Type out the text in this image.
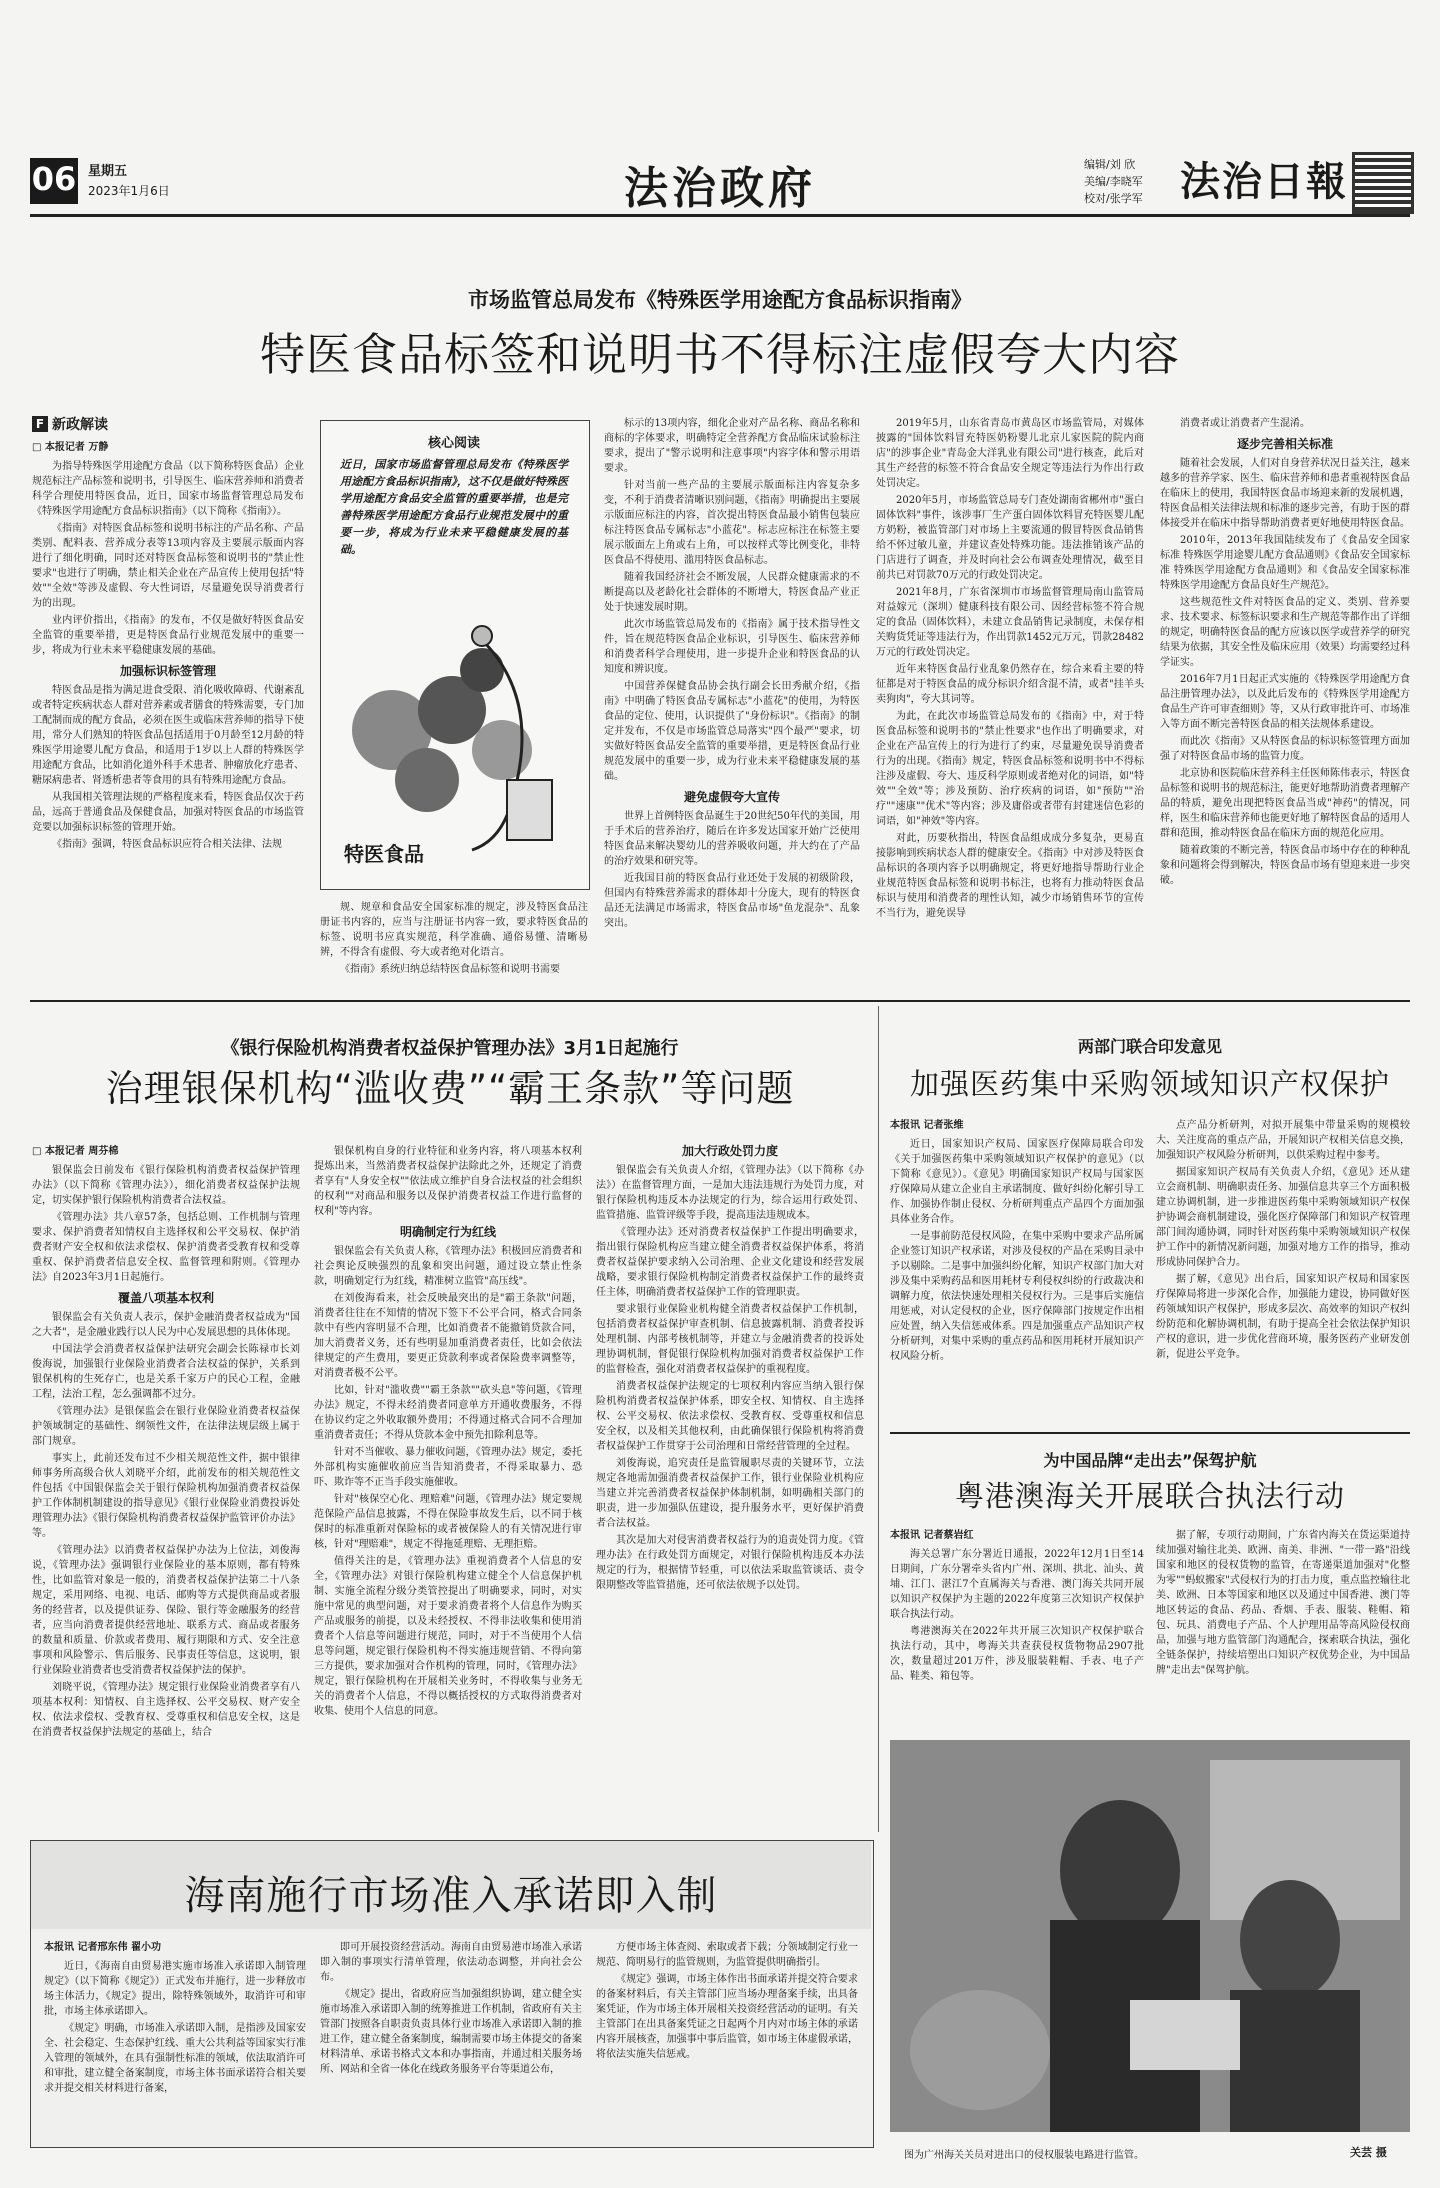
06 星期五
2023年1月6日	法治政府	编辑/刘 欣
美编/李晓军
校对/张学军 法治日報
市场监管总局发布《特殊医学用途配方食品标识指南》
特医食品标签和说明书不得标注虚假夸大内容
F 新政解读
□ 本报记者 万静

为指导特殊医学用途配方食品（以下简称特医食品）企业规范标注产品标签和说明书，引导医生、临床营养师和消费者科学合理使用特医食品，近日，国家市场监督管理总局发布《特殊医学用途配方食品标识指南》（以下简称《指南》）。

《指南》对特医食品标签和说明书标注的产品名称、产品类别、配料表、营养成分表等13项内容及主要展示版面内容进行了细化明确，同时还对特医食品标签和说明书的"禁止性要求"也进行了明确，禁止相关企业在产品宣传上使用包括"特效""全效"等涉及虚假、夸大性词语，尽量避免误导消费者行为的出现。

业内评价指出，《指南》的发布，不仅是做好特医食品安全监管的重要举措，更是特医食品行业规范发展中的重要一步，将成为行业未来平稳健康发展的基础。

加强标识标签管理

特医食品是指为满足进食受限、消化吸收障碍、代谢紊乱或者特定疾病状态人群对营养素或者膳食的特殊需要，专门加工配制而成的配方食品，必须在医生或临床营养师的指导下使用，常分人们熟知的特医食品包括适用于0月龄至12月龄的特殊医学用途婴儿配方食品，和适用于1岁以上人群的特殊医学用途配方食品，比如消化道外科手术患者、肿瘤放化疗患者、糖尿病患者、肾透析患者等食用的具有特殊用途配方食品。

从我国相关管理法规的严格程度来看，特医食品仅次于药品，远高于普通食品及保健食品，加强对特医食品的市场监管竞要以加强标识标签的管理开始。

《指南》强调，特医食品标识应符合相关法律、法规

核心阅读
近日，国家市场监督管理总局发布《特殊医学用途配方食品标识指南》，这不仅是做好特殊医学用途配方食品安全监管的重要举措，也是完善特殊医学用途配方食品行业规范发展中的重要一步，将成为行业未来平稳健康发展的基础。
特医食品

规、规章和食品安全国家标准的规定，涉及特医食品注册证书内容的，应当与注册证书内容一致，要求特医食品的标签、说明书应真实规范，科学准确、通俗易懂、清晰易辨，不得含有虚假、夸大或者绝对化语言。

《指南》系统归纳总结特医食品标签和说明书需要

标示的13项内容，细化企业对产品名称、商品名称和商标的字体要求，明确特定全营养配方食品临床试验标注要求，提出了"警示说明和注意事项"内容字体和警示用语要求。

针对当前一些产品的主要展示版面标注内容复杂多变，不利于消费者清晰识别问题，《指南》明确提出主要展示版面应标注的内容，首次提出特医食品最小销售包装应标注特医食品专属标志"小蓝花"。标志应标注在标签主要展示版面左上角或右上角，可以按样式等比例变化，非特医食品不得使用、滥用特医食品标志。

随着我国经济社会不断发展，人民群众健康需求的不断提高以及老龄化社会群体的不断增大，特医食品产业正处于快速发展时期。

此次市场监管总局发布的《指南》属于技术指导性文件，旨在规范特医食品企业标识，引导医生、临床营养师和消费者科学合理使用，进一步提升企业和特医食品的认知度和辨识度。

中国营养保健食品协会执行副会长田秀献介绍，《指南》中明确了特医食品专属标志"小蓝花"的使用，为特医食品的定位、使用，认识提供了"身份标识"。《指南》的制定并发布，不仅是市场监管总局落实"四个最严"要求，切实做好特医食品安全监管的重要举措，更是特医食品行业规范发展中的重要一步，成为行业未来平稳健康发展的基础。

避免虚假夸大宣传

世界上首例特医食品诞生于20世纪50年代的美国，用于手术后的营养治疗，随后在许多发达国家开始广泛使用特医食品来解决婴幼儿的营养吸收问题，并大约在了产品的治疗效果和研究等。

近我国目前的特医食品行业还处于发展的初级阶段，但国内有特殊营养需求的群体却十分庞大，现有的特医食品还无法满足市场需求，特医食品市场"鱼龙混杂"、乱象突出。

2019年5月，山东省青岛市黄岛区市场监管局，对媒体披露的"国体饮料冒充特医奶粉婴儿北京儿家医院的院内商店"的涉事企业"青岛金大洋乳业有限公司"进行核查，此后对其生产经营的标签不符合食品安全规定等违法行为作出行政处罚决定。

2020年5月，市场监管总局专门查处湖南省郴州市"蛋白固体饮料"事件，该涉事厂生产蛋白固体饮料冒充特医婴儿配方奶粉，被监管部门对市场上主要流通的假冒特医食品销售给不怀过敏儿童，并建议查处特殊功能。违法推销该产品的门店进行了调查，并及时向社会公布调查处理情况，截至目前共已对罚款70万元的行政处罚决定。

2021年8月，广东省深圳市市场监督管理局南山监管局对益嫁元（深圳）健康科技有限公司、因经营标签不符合规定的食品（固体饮料），未建立食品销售记录制度，未保存相关购货凭证等违法行为，作出罚款1452元万元，罚款28482万元的行政处罚决定。

近年来特医食品行业乱象仍然存在，综合来看主要的特征都是对于特医食品的成分标识介绍含混不清，或者"挂羊头卖狗肉"，夸大其词等。

为此，在此次市场监管总局发布的《指南》中，对于特医食品标签和说明书的"禁止性要求"也作出了明确要求，对企业在产品宣传上的行为进行了约束，尽量避免误导消费者行为的出现。《指南》规定，特医食品标签和说明书中不得标注涉及虚假、夸大、违反科学原则或者绝对化的词语，如"特效""全效"等；涉及预防、治疗疾病的词语，如"预防""治疗""速康""优术"等内容；涉及庸俗或者带有封建迷信色彩的词语，如"神效"等内容。

对此，历要秋指出，特医食品组成成分多复杂，更易直接影响到疾病状态人群的健康安全。《指南》中对涉及特医食品标识的各项内容予以明确规定，将更好地指导帮助行业企业规范特医食品标签和说明书标注，也将有力推动特医食品标识与使用和消费者的理性认知，减少市场销售环节的宣传不当行为，避免误导

消费者或让消费者产生混淆。

逐步完善相关标准

随着社会发展，人们对自身营养状况日益关注，越来越多的营养学家、医生、临床营养师和患者重视特医食品在临床上的使用，我国特医食品市场迎来新的发展机遇，特医食品相关法律法规和标准的逐步完善，有助于医的群体接受并在临床中指导帮助消费者更好地使用特医食品。

2010年，2013年我国陆续发布了《食品安全国家标准 特殊医学用途婴儿配方食品通则》《食品安全国家标准 特殊医学用途配方食品通则》和《食品安全国家标准 特殊医学用途配方食品良好生产规范》。

这些规范性文件对特医食品的定义、类别、营养要求、技术要求、标签标识要求和生产规范等都作出了详细的规定，明确特医食品的配方应该以医学或营养学的研究结果为依据，其安全性及临床应用（效果）均需要经过科学证实。

2016年7月1日起正式实施的《特殊医学用途配方食品注册管理办法》，以及此后发布的《特殊医学用途配方食品生产许可审查细则》等，又从行政审批许可、市场准入等方面不断完善特医食品的相关法规体系建设。

而此次《指南》又从特医食品的标识标签管理方面加强了对特医食品市场的监管力度。

北京协和医院临床营养科主任医师陈伟表示，特医食品标签和说明书的规范标注，能更好地帮助消费者理解产品的特质，避免出现把特医食品当成"神药"的情况，同样，医生和临床营养师也能更好地了解特医食品的适用人群和范围，推动特医食品在临床方面的规范化应用。

随着政策的不断完善，特医食品市场中存在的种种乱象和问题将会得到解决，特医食品市场有望迎来进一步突破。

《银行保险机构消费者权益保护管理办法》3月1日起施行
治理银保机构“滥收费”“霸王条款”等问题
□ 本报记者 周芬棉

银保监会日前发布《银行保险机构消费者权益保护管理办法》（以下简称《管理办法》），细化消费者权益保护法规定，切实保护银行保险机构消费者合法权益。

《管理办法》共八章57条，包括总则、工作机制与管理要求、保护消费者知情权自主选择权和公平交易权、保护消费者财产安全权和依法求偿权、保护消费者受教育权和受尊重权、保护消费者信息安全权、监督管理和附则。《管理办法》自2023年3月1日起施行。

覆盖八项基本权利

银保监会有关负责人表示，保护金融消费者权益成为"国之大者"，是金融业践行以人民为中心发展思想的具体体现。

中国法学会消费者权益保护法研究会副会长陈禄市长刘俊海说，加强银行业保险业消费者合法权益的保护，关系到银保机构的生死存亡，也是关系千家万户的民心工程，金融工程，法治工程，怎么强调都不过分。

《管理办法》是银保监会在银行业保险业消费者权益保护领域制定的基础性、纲领性文件，在法律法规层级上属于部门规章。

事实上，此前还发布过不少相关规范性文件，据中银律师事务所高级合伙人刘晓平介绍，此前发布的相关规范性文件包括《中国银保监会关于银行保险机构加强消费者权益保护工作体制机制建设的指导意见》《银行业保险业消费投诉处理管理办法》《银行保险机构消费者权益保护监管评价办法》等。

《管理办法》以消费者权益保护办法为上位法，刘俊海说，《管理办法》强调银行业保险业的基本原则，都有特殊性，比如监管对象是一般的，消费者权益保护法第二十八条规定，采用网络、电视、电话、邮购等方式提供商品或者服务的经营者，以及提供证券、保险、银行等金融服务的经营者，应当向消费者提供经营地址、联系方式、商品或者服务的数量和质量、价款或者费用、履行期限和方式、安全注意事项和风险警示、售后服务、民事责任等信息，这说明，银行业保险业消费者也受消费者权益保护法的保护。

刘晓平说，《管理办法》规定银行业保险业消费者享有八项基本权利：知情权、自主选择权、公平交易权、财产安全权、依法求偿权、受教育权、受尊重权和信息安全权，这是在消费者权益保护法规定的基础上，结合

银保机构自身的行业特征和业务内容，将八项基本权利提炼出来，当然消费者权益保护法除此之外，还规定了消费者享有"人身安全权""依法成立维护自身合法权益的社会组织的权利""对商品和服务以及保护消费者权益工作进行监督的权利"等内容。

明确制定行为红线

银保监会有关负责人称，《管理办法》积极回应消费者和社会舆论反映强烈的乱象和突出问题，通过设立禁止性条款，明确划定行为红线，精准树立监管"高压线"。

在刘俊海看来，社会反映最突出的是"霸王条款"问题，消费者往往在不知情的情况下签下不公平合同，格式合同条款中有些内容明显不合理，比如消费者不能撤销贷款合同，加大消费者义务，还有些明显加重消费者责任，比如会依法律规定的产生费用，要更正贷款利率或者保险费率调整等，对消费者极不公平。

比如，针对"滥收费""霸王条款""砍头息"等问题，《管理办法》规定，不得未经消费者同意单方开通收费服务，不得在协议约定之外收取额外费用；不得通过格式合同不合理加重消费者责任；不得从贷款本金中预先扣除利息等。

针对不当催收、暴力催收问题，《管理办法》规定，委托外部机构实施催收前应当告知消费者，不得采取暴力、恐吓、欺诈等不正当手段实施催收。

针对"核保空心化、理赔难"问题，《管理办法》规定要规范保险产品信息披露，不得在保险事故发生后，以不同于核保时的标准重新对保险标的或者被保险人的有关情况进行审核，针对"理赔难"，规定不得拖延理赔、无理拒赔。

值得关注的是，《管理办法》重视消费者个人信息的安全，《管理办法》对银行保险机构建立健全个人信息保护机制、实施全流程分级分类管控提出了明确要求，同时，对实施中常见的典型问题，对于要求消费者将个人信息作为购买产品或服务的前提，以及未经授权、不得非法收集和使用消费者个人信息等问题进行规范，同时，对于不当使用个人信息等问题，规定银行保险机构不得实施违规营销、不得向第三方提供，要求加强对合作机构的管理，同时，《管理办法》规定，银行保险机构在开展相关业务时，不得收集与业务无关的消费者个人信息，不得以概括授权的方式取得消费者对收集、使用个人信息的同意。

加大行政处罚力度

银保监会有关负责人介绍，《管理办法》（以下简称《办法》）在监督管理方面，一是加大违法违规行为处罚力度，对银行保险机构违反本办法规定的行为，综合运用行政处罚、监管措施、监管评级等手段，提高违法违规成本。

《管理办法》还对消费者权益保护工作提出明确要求，指出银行保险机构应当建立健全消费者权益保护体系，将消费者权益保护要求纳入公司治理、企业文化建设和经营发展战略，要求银行保险机构制定消费者权益保护工作的最终责任主体，明确消费者权益保护工作的管理职责。

要求银行业保险业机构健全消费者权益保护工作机制，包括消费者权益保护审查机制、信息披露机制、消费者投诉处理机制、内部考核机制等，并建立与金融消费者的投诉处理协调机制，督促银行保险机构加强对消费者权益保护工作的监督检查，强化对消费者权益保护的重视程度。

消费者权益保护法规定的七项权利内容应当纳入银行保险机构消费者权益保护体系，即安全权、知情权、自主选择权、公平交易权、依法求偿权、受教育权、受尊重权和信息安全权，以及相关其他权利，由此确保银行保险机构将消费者权益保护工作贯穿于公司治理和日常经营管理的全过程。

刘俊海说，追究责任是监管履职尽责的关键环节，立法规定各地需加强消费者权益保护工作，银行业保险业机构应当建立并完善消费者权益保护体制机制，如明确相关部门的职责，进一步加强队伍建设，提升服务水平，更好保护消费者合法权益。

其次是加大对侵害消费者权益行为的追责处罚力度。《管理办法》在行政处罚方面规定，对银行保险机构违反本办法规定的行为，根据情节轻重，可以依法采取监管谈话、责令限期整改等监管措施，还可依法依规予以处罚。

两部门联合印发意见
加强医药集中采购领域知识产权保护
本报讯 记者张维

近日，国家知识产权局、国家医疗保障局联合印发《关于加强医药集中采购领域知识产权保护的意见》（以下简称《意见》）。《意见》明确国家知识产权局与国家医疗保障局从建立企业自主承诺制度、做好纠纷化解引导工作、加强协作制止侵权、分析研判重点产品四个方面加强具体业务合作。

一是事前防范侵权风险，在集中采购中要求产品所属企业签订知识产权承诺，对涉及侵权的产品在采购目录中予以剔除。二是事中加强纠纷化解，知识产权部门加大对涉及集中采购药品和医用耗材专利侵权纠纷的行政裁决和调解力度，依法快速处理相关侵权行为。三是事后实施信用惩戒，对认定侵权的企业，医疗保障部门按规定作出相应处置，纳入失信惩戒体系。四是加强重点产品知识产权分析研判，对集中采购的重点药品和医用耗材开展知识产权风险分析。

点产品分析研判，对拟开展集中带量采购的规模较大、关注度高的重点产品，开展知识产权相关信息交换，加强知识产权风险分析研判，以供采购过程中参考。

据国家知识产权局有关负责人介绍，《意见》还从建立会商机制、明确职责任务、加强信息共享三个方面积极建立协调机制，进一步推进医药集中采购领域知识产权保护协调会商机制建设，强化医疗保障部门和知识产权管理部门间沟通协调，同时针对医药集中采购领域知识产权保护工作中的新情况新问题，加强对地方工作的指导，推动形成协同保护合力。

据了解，《意见》出台后，国家知识产权局和国家医疗保障局将进一步深化合作，加强能力建设，协同做好医药领域知识产权保护，形成多层次、高效率的知识产权纠纷防范和化解协调机制，有助于提高全社会依法保护知识产权的意识，进一步优化营商环境，服务医药产业研发创新，促进公平竞争。

为中国品牌“走出去”保驾护航
粤港澳海关开展联合执法行动
本报讯 记者蔡岩红

海关总署广东分署近日通报，2022年12月1日至14日期间，广东分署牵头省内广州、深圳、拱北、汕头、黄埔、江门、湛江7个直属海关与香港、澳门海关共同开展以知识产权保护为主题的2022年度第三次知识产权保护联合执法行动。

粤港澳海关在2022年共开展三次知识产权保护联合执法行动，其中，粤海关共查获侵权货物物品2907批次，数量超过201万件，涉及服装鞋帽、手表、电子产品、鞋类、箱包等。

据了解，专项行动期间，广东省内海关在货运渠道持续加强对输往北美、欧洲、南美、非洲、"一带一路"沿线国家和地区的侵权货物的监管，在寄递渠道加强对"化整为零""蚂蚁搬家"式侵权行为的打击力度，重点监控输往北美、欧洲、日本等国家和地区以及通过中国香港、澳门等地区转运的食品、药品、香烟、手表、服装、鞋帽、箱包、玩具、消费电子产品、个人护理用品等高风险侵权商品，加强与地方监管部门沟通配合，探索联合执法，强化全链条保护，持续培塑出口知识产权优势企业，为中国品牌"走出去"保驾护航。

图为广州海关关员对进出口的侵权服装电路进行监管。	关芸 摄
海南施行市场准入承诺即入制
本报讯 记者邢东伟 翟小功

近日，《海南自由贸易港实施市场准入承诺即入制管理规定》（以下简称《规定》）正式发布并施行，进一步释放市场主体活力，《规定》提出，除特殊领域外，取消许可和审批，市场主体承诺即入。

《规定》明确，市场准入承诺即入制，是指涉及国家安全、社会稳定、生态保护红线、重大公共利益等国家实行准入管理的领域外，在具有强制性标准的领域，依法取消许可和审批，建立健全备案制度，市场主体书面承诺符合相关要求并提交相关材料进行备案，

即可开展投资经营活动。海南自由贸易港市场准入承诺即入制的事项实行清单管理，依法动态调整，并向社会公布。

《规定》提出，省政府应当加强组织协调，建立健全实施市场准入承诺即入制的统筹推进工作机制，省政府有关主管部门按照各自职责负责具体行业市场准入承诺即入制的推进工作，建立健全备案制度，编制需要市场主体提交的备案材料清单、承诺书格式文本和办事指南，并通过相关服务场所、网站和全省一体化在线政务服务平台等渠道公布，

方便市场主体查阅、索取或者下载；分领域制定行业一规范、简明易行的监管规则，为监管提供明确指引。

《规定》强调，市场主体作出书面承诺并提交符合要求的备案材料后，有关主管部门应当场办理备案手续，出具备案凭证，作为市场主体开展相关投资经营活动的证明。有关主管部门在出具备案凭证之日起两个月内对市场主体的承诺内容开展核查，加强事中事后监管，如市场主体虚假承诺，将依法实施失信惩戒。
